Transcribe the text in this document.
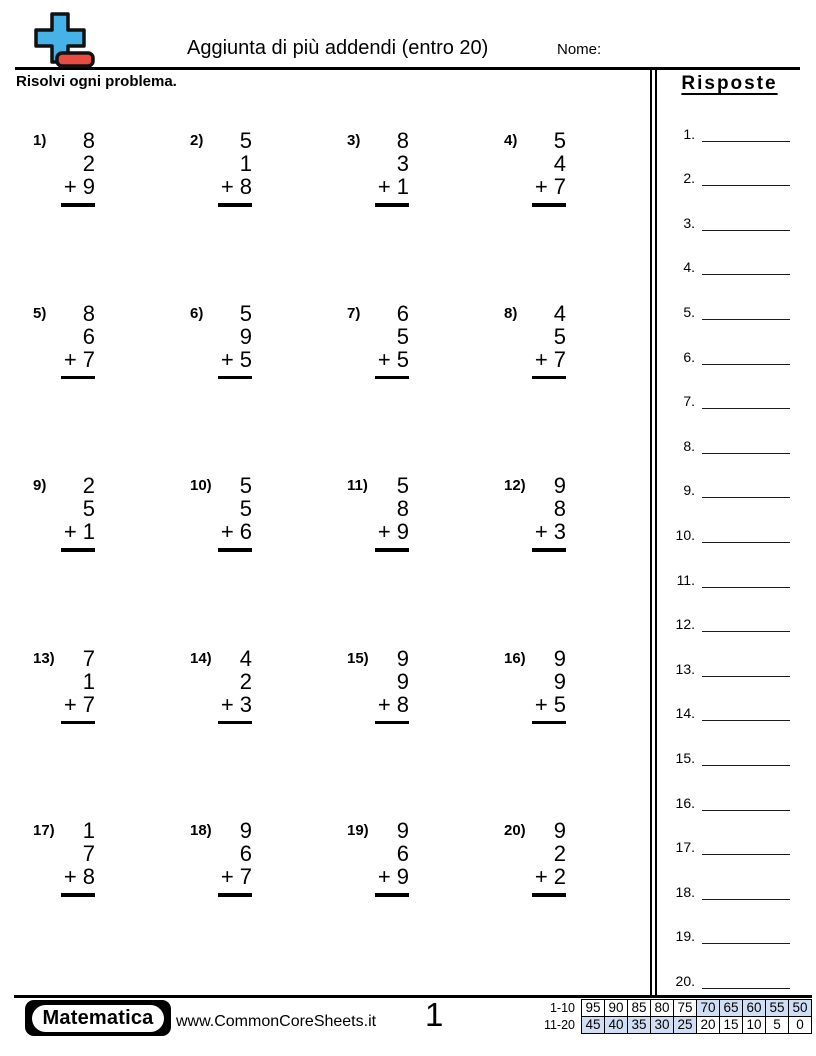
Aggiunta di più addendi (entro 20)	Nome:
Risolvi ogni problema.
1)	8
2
+ 9
2)	5
1
+ 8
3)	8
3
+ 1
4)	5
4
+ 7
5)	8
6
+ 7
6)	5
9
+ 5
7)	6
5
+ 5
8)	4
5
+ 7
9)	2
5
+ 1
10) 5
5
+ 6
11) 5
8
+ 9
12) 9
8
+ 3
13) 7
1
+ 7
14) 4
2
+ 3
15) 9
9
+ 8
16) 9
9
+ 5
17) 1
7
+ 8
18) 9
6
+ 7
19) 9
6
+ 9
20) 9
2
+ 2
Risposte
1.
2.
3.
4.
5.
6.
7.
8.
9.
10.
11.
12.
13.
14.
15.
16.
17.
18.
19.
20.
Matematica	www.CommonCoreSheets.it 1	1-10 95 90 85 80 75 70 65 60 55 50
11-20 45 40 35 30 25 20 15 10 5	0
